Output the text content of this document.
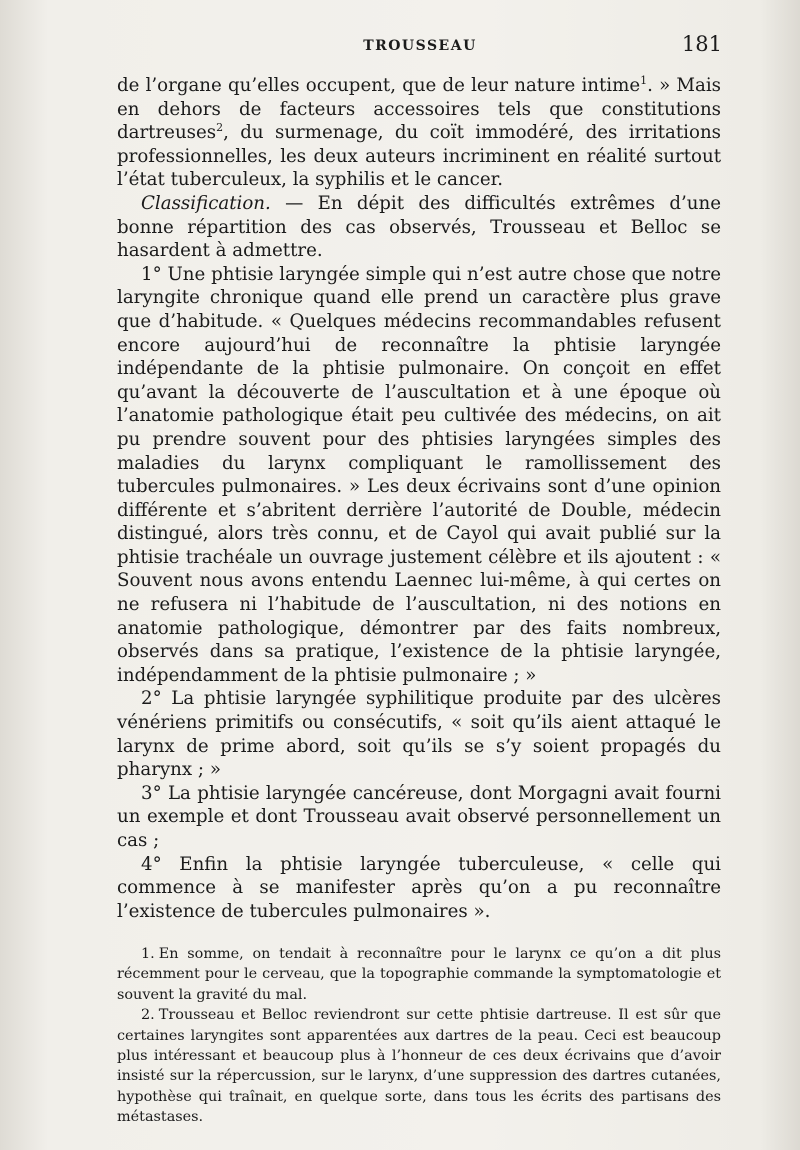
TROUSSEAU	181

de l’organe qu’elles occupent, que de leur nature intime$^1$. » Mais en dehors de facteurs accessoires tels que constitutions dartreuses$^2$, du surmenage, du coït immodéré, des irritations professionnelles, les deux auteurs incriminent en réalité surtout l’état tuberculeux, la syphilis et le cancer.

Classification. — En dépit des difficultés extrêmes d’une bonne répartition des cas observés, Trousseau et Belloc se hasardent à admettre.

1° Une phtisie laryngée simple qui n’est autre chose que notre laryngite chronique quand elle prend un caractère plus grave que d’habitude. « Quelques médecins recommandables refusent encore aujourd’hui de reconnaître la phtisie laryngée indépendante de la phtisie pulmonaire. On conçoit en effet qu’avant la découverte de l’auscultation et à une époque où l’anatomie pathologique était peu cultivée des médecins, on ait pu prendre souvent pour des phtisies laryngées simples des maladies du larynx compliquant le ramollissement des tubercules pulmonaires. » Les deux écrivains sont d’une opinion différente et s’abritent derrière l’autorité de Double, médecin distingué, alors très connu, et de Cayol qui avait publié sur la phtisie trachéale un ouvrage justement célèbre et ils ajoutent : « Souvent nous avons entendu Laennec lui-même, à qui certes on ne refusera ni l’habitude de l’auscultation, ni des notions en anatomie pathologique, démontrer par des faits nombreux, observés dans sa pratique, l’existence de la phtisie laryngée, indépendamment de la phtisie pulmonaire ; »

2° La phtisie laryngée syphilitique produite par des ulcères vénériens primitifs ou consécutifs, « soit qu’ils aient attaqué le larynx de prime abord, soit qu’ils se s’y soient propagés du pharynx ; »

3° La phtisie laryngée cancéreuse, dont Morgagni avait fourni un exemple et dont Trousseau avait observé personnellement un cas ;

4° Enfin la phtisie laryngée tuberculeuse, « celle qui commence à se manifester après qu’on a pu reconnaître l’existence de tubercules pulmonaires ».

1. En somme, on tendait à reconnaître pour le larynx ce qu’on a dit plus récemment pour le cerveau, que la topographie commande la symptomatologie et souvent la gravité du mal.

2. Trousseau et Belloc reviendront sur cette phtisie dartreuse. Il est sûr que certaines laryngites sont apparentées aux dartres de la peau. Ceci est beaucoup plus intéressant et beaucoup plus à l’honneur de ces deux écrivains que d’avoir insisté sur la répercussion, sur le larynx, d’une suppression des dartres cutanées, hypothèse qui traînait, en quelque sorte, dans tous les écrits des partisans des métastases.
